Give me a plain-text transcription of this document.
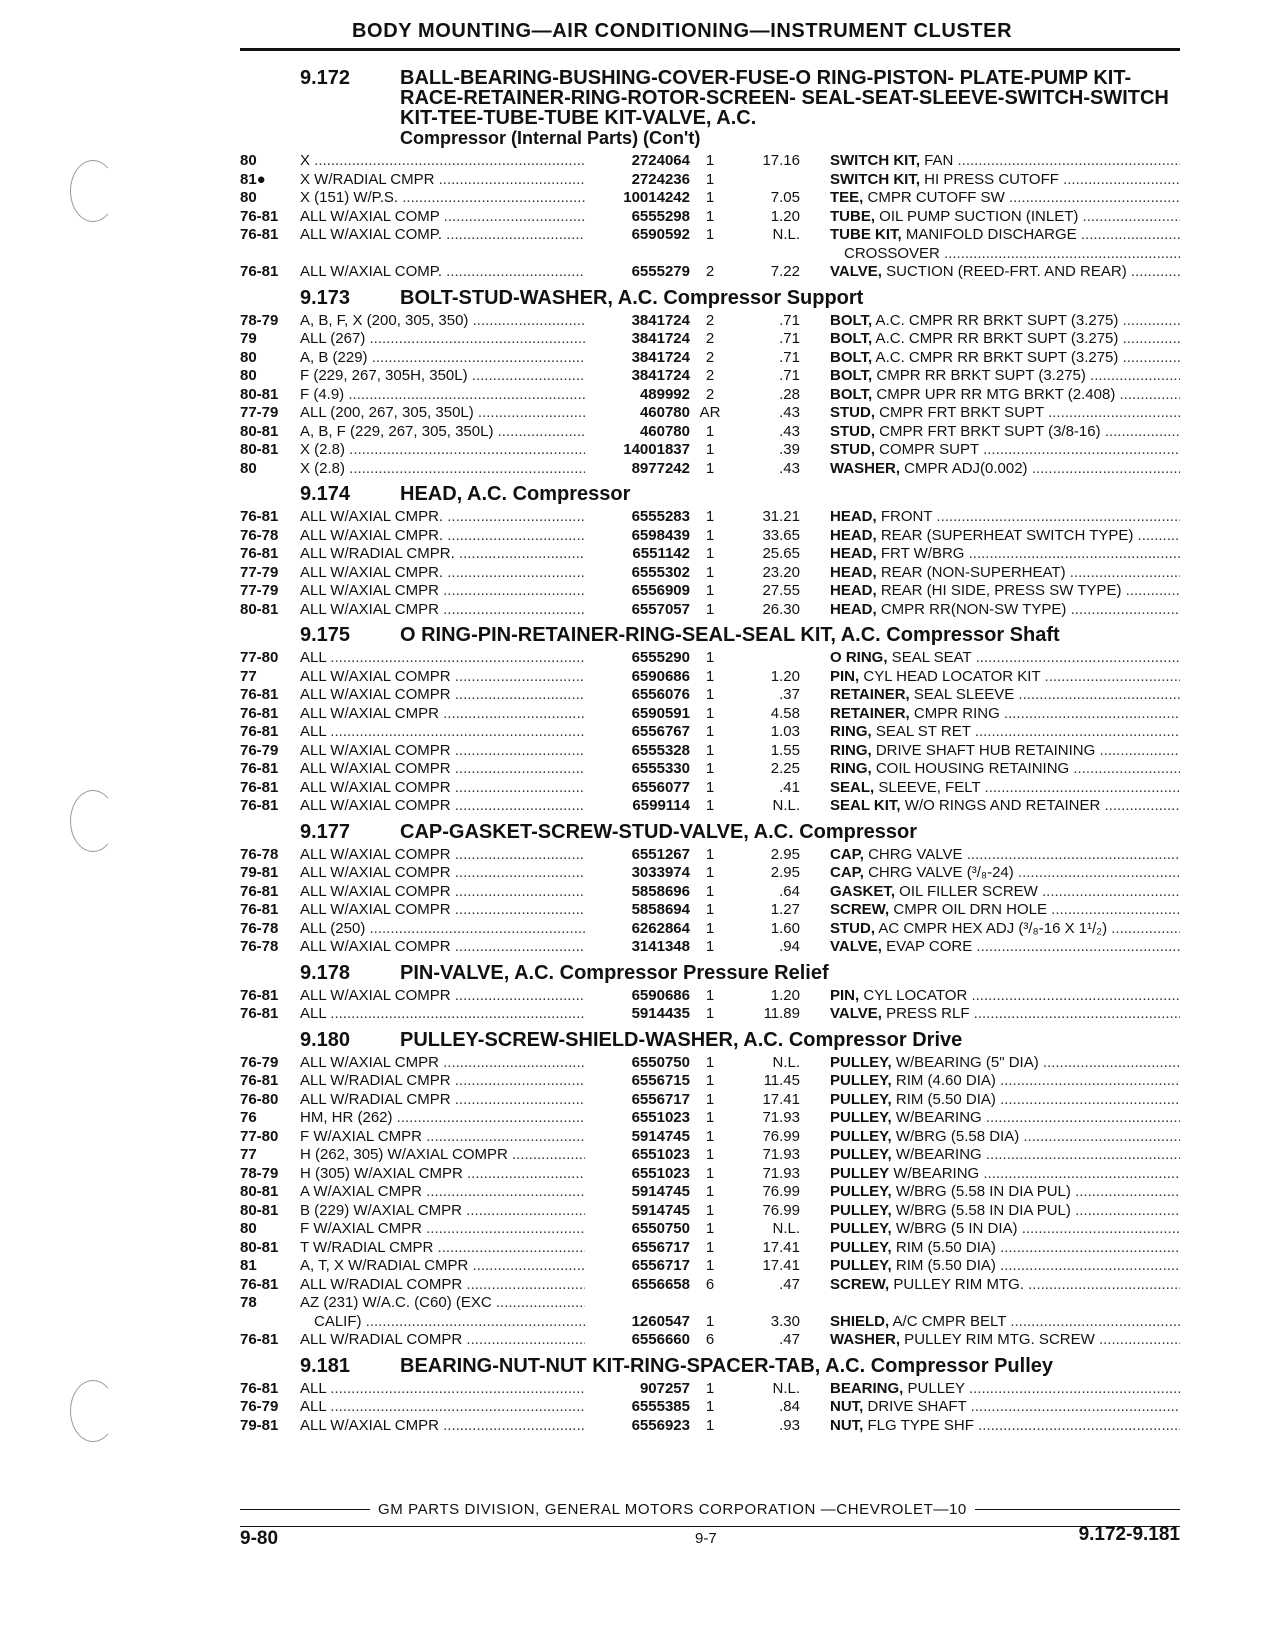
BODY MOUNTING—AIR CONDITIONING—INSTRUMENT CLUSTER
9.172	BALL-BEARING-BUSHING-COVER-FUSE-O RING-PISTON- PLATE-PUMP KIT-RACE-RETAINER-RING-ROTOR-SCREEN- SEAL-SEAT-SLEEVE-SWITCH-SWITCH KIT-TEE-TUBE-TUBE KIT-VALVE, A.C.
Compressor (Internal Parts) (Con't)
80	X .....	2724064	1	17.16 SWITCH KIT, FAN .....
81●	X W/RADIAL CMPR .....	2724236	1	SWITCH KIT, HI PRESS CUTOFF .....
80	X (151) W/P.S. .....	10014242	1	7.05 TEE, CMPR CUTOFF SW .....
76-81	ALL W/AXIAL COMP .....	6555298	1	1.20 TUBE, OIL PUMP SUCTION (INLET) .....
76-81	ALL W/AXIAL COMP. .....	6590592	1	N.L. TUBE KIT, MANIFOLD DISCHARGE .....
CROSSOVER .....
76-81	ALL W/AXIAL COMP. .....	6555279	2	7.22 VALVE, SUCTION (REED-FRT. AND REAR) .....
9.173	BOLT-STUD-WASHER, A.C. Compressor Support
78-79	A, B, F, X (200, 305, 350) .....	3841724	2	.71 BOLT, A.C. CMPR RR BRKT SUPT (3.275) .....
79	ALL (267) .....	3841724	2	.71 BOLT, A.C. CMPR RR BRKT SUPT (3.275) .....
80	A, B (229) .....	3841724	2	.71 BOLT, A.C. CMPR RR BRKT SUPT (3.275) .....
80	F (229, 267, 305H, 350L) .....	3841724	2	.71 BOLT, CMPR RR BRKT SUPT (3.275) .....
80-81	F (4.9) .....	489992	2	.28 BOLT, CMPR UPR RR MTG BRKT (2.408) .....
77-79	ALL (200, 267, 305, 350L) .....	460780 AR	.43 STUD, CMPR FRT BRKT SUPT .....
80-81	A, B, F (229, 267, 305, 350L) .....	460780	1	.43 STUD, CMPR FRT BRKT SUPT (3/8-16) .....
80-81	X (2.8) .....	14001837	1	.39 STUD, COMPR SUPT .....
80	X (2.8) .....	8977242	1	.43 WASHER, CMPR ADJ(0.002) .....
9.174	HEAD, A.C. Compressor
76-81	ALL W/AXIAL CMPR. .....	6555283	1	31.21 HEAD, FRONT .....
76-78	ALL W/AXIAL CMPR. .....	6598439	1	33.65 HEAD, REAR (SUPERHEAT SWITCH TYPE) .....
76-81	ALL W/RADIAL CMPR. .....	6551142	1	25.65 HEAD, FRT W/BRG .....
77-79	ALL W/AXIAL CMPR. .....	6555302	1	23.20 HEAD, REAR (NON-SUPERHEAT) .....
77-79	ALL W/AXIAL CMPR .....	6556909	1	27.55 HEAD, REAR (HI SIDE, PRESS SW TYPE) .....
80-81	ALL W/AXIAL CMPR .....	6557057	1	26.30 HEAD, CMPR RR(NON-SW TYPE) .....
9.175	O RING-PIN-RETAINER-RING-SEAL-SEAL KIT, A.C. Compressor Shaft
77-80	ALL .....	6555290	1	O RING, SEAL SEAT .....
77	ALL W/AXIAL COMPR .....	6590686	1	1.20 PIN, CYL HEAD LOCATOR KIT .....
76-81	ALL W/AXIAL COMPR .....	6556076	1	.37 RETAINER, SEAL SLEEVE .....
76-81	ALL W/AXIAL CMPR .....	6590591	1	4.58 RETAINER, CMPR RING .....
76-81	ALL .....	6556767	1	1.03 RING, SEAL ST RET .....
76-79	ALL W/AXIAL COMPR .....	6555328	1	1.55 RING, DRIVE SHAFT HUB RETAINING .....
76-81	ALL W/AXIAL COMPR .....	6555330	1	2.25 RING, COIL HOUSING RETAINING .....
76-81	ALL W/AXIAL COMPR .....	6556077	1	.41 SEAL, SLEEVE, FELT .....
76-81	ALL W/AXIAL COMPR .....	6599114	1	N.L. SEAL KIT, W/O RINGS AND RETAINER .....
9.177	CAP-GASKET-SCREW-STUD-VALVE, A.C. Compressor
76-78	ALL W/AXIAL COMPR .....	6551267	1	2.95 CAP, CHRG VALVE .....
79-81	ALL W/AXIAL COMPR .....	3033974	1	2.95 CAP, CHRG VALVE (³/₈-24) .....
76-81	ALL W/AXIAL COMPR .....	5858696	1	.64 GASKET, OIL FILLER SCREW .....
76-81	ALL W/AXIAL COMPR .....	5858694	1	1.27 SCREW, CMPR OIL DRN HOLE .....
76-78	ALL (250) .....	6262864	1	1.60 STUD, AC CMPR HEX ADJ (³/₈-16 X 1¹/₂) .....
76-78	ALL W/AXIAL COMPR .....	3141348	1	.94 VALVE, EVAP CORE .....
9.178	PIN-VALVE, A.C. Compressor Pressure Relief
76-81	ALL W/AXIAL COMPR .....	6590686	1	1.20 PIN, CYL LOCATOR .....
76-81	ALL .....	5914435	1	11.89 VALVE, PRESS RLF .....
9.180	PULLEY-SCREW-SHIELD-WASHER, A.C. Compressor Drive
76-79	ALL W/AXIAL CMPR .....	6550750	1	N.L. PULLEY, W/BEARING (5" DIA) .....
76-81	ALL W/RADIAL CMPR .....	6556715	1	11.45 PULLEY, RIM (4.60 DIA) .....
76-80	ALL W/RADIAL CMPR .....	6556717	1	17.41 PULLEY, RIM (5.50 DIA) .....
76	HM, HR (262) .....	6551023	1	71.93 PULLEY, W/BEARING .....
77-80	F W/AXIAL CMPR .....	5914745	1	76.99 PULLEY, W/BRG (5.58 DIA) .....
77	H (262, 305) W/AXIAL COMPR .....	6551023	1	71.93 PULLEY, W/BEARING .....
78-79	H (305) W/AXIAL CMPR .....	6551023	1	71.93 PULLEY W/BEARING .....
80-81	A W/AXIAL CMPR .....	5914745	1	76.99 PULLEY, W/BRG (5.58 IN DIA PUL) .....
80-81	B (229) W/AXIAL CMPR .....	5914745	1	76.99 PULLEY, W/BRG (5.58 IN DIA PUL) .....
80	F W/AXIAL CMPR .....	6550750	1	N.L. PULLEY, W/BRG (5 IN DIA) .....
80-81	T W/RADIAL CMPR .....	6556717	1	17.41 PULLEY, RIM (5.50 DIA) .....
81	A, T, X W/RADIAL CMPR .....	6556717	1	17.41 PULLEY, RIM (5.50 DIA) .....
76-81	ALL W/RADIAL COMPR .....	6556658	6	.47 SCREW, PULLEY RIM MTG. .....
78	AZ (231) W/A.C. (C60) (EXC .....
CALIF) .....	1260547	1	3.30 SHIELD, A/C CMPR BELT .....
76-81	ALL W/RADIAL COMPR .....	6556660	6	.47 WASHER, PULLEY RIM MTG. SCREW .....
9.181	BEARING-NUT-NUT KIT-RING-SPACER-TAB, A.C. Compressor Pulley
76-81	ALL .....	907257	1	N.L. BEARING, PULLEY .....
76-79	ALL .....	6555385	1	.84 NUT, DRIVE SHAFT .....
79-81	ALL W/AXIAL CMPR .....	6556923	1	.93 NUT, FLG TYPE SHF .....
GM PARTS DIVISION, GENERAL MOTORS CORPORATION —CHEVROLET—10
9-80	9-7	9.172-9.181
